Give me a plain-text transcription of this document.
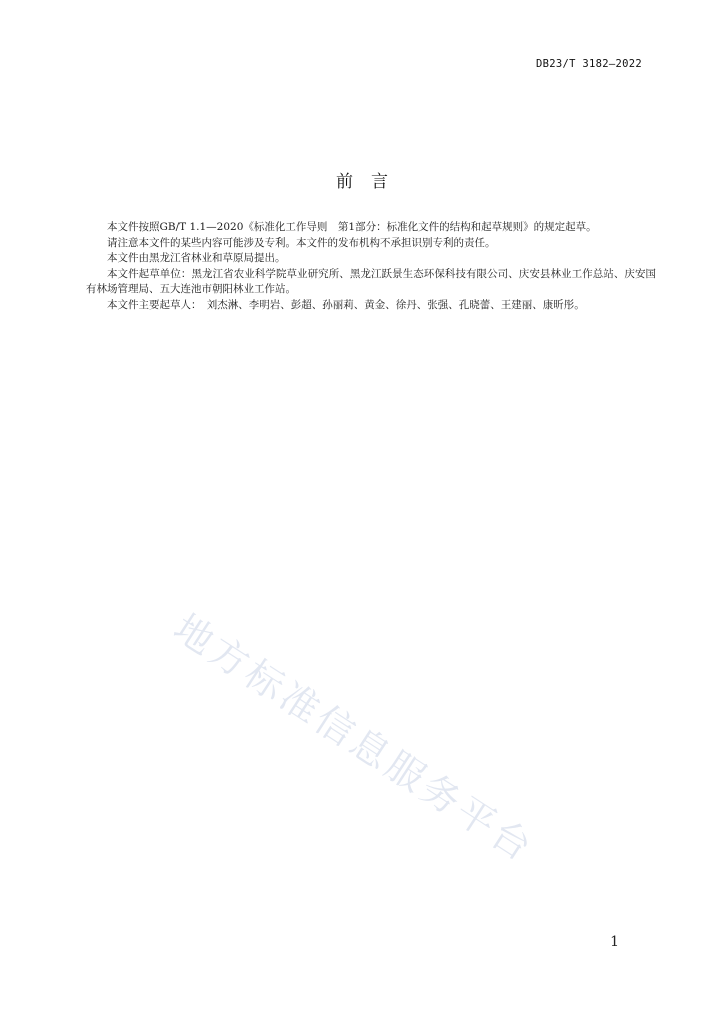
DB23/T 3182—2022
前言

本文件按照GB/T 1.1—2020《标准化工作导则　第1部分：标准化文件的结构和起草规则》的规定起草。

请注意本文件的某些内容可能涉及专利。本文件的发布机构不承担识别专利的责任。

本文件由黑龙江省林业和草原局提出。

本文件起草单位：黑龙江省农业科学院草业研究所、黑龙江跃景生态环保科技有限公司、庆安县林业工作总站、庆安国有林场管理局、五大连池市朝阳林业工作站。

本文件主要起草人：　刘杰淋、李明岩、彭超、孙丽莉、黄金、徐丹、张强、孔晓蕾、王建丽、康昕彤。

地方标准信息服务平台
1
